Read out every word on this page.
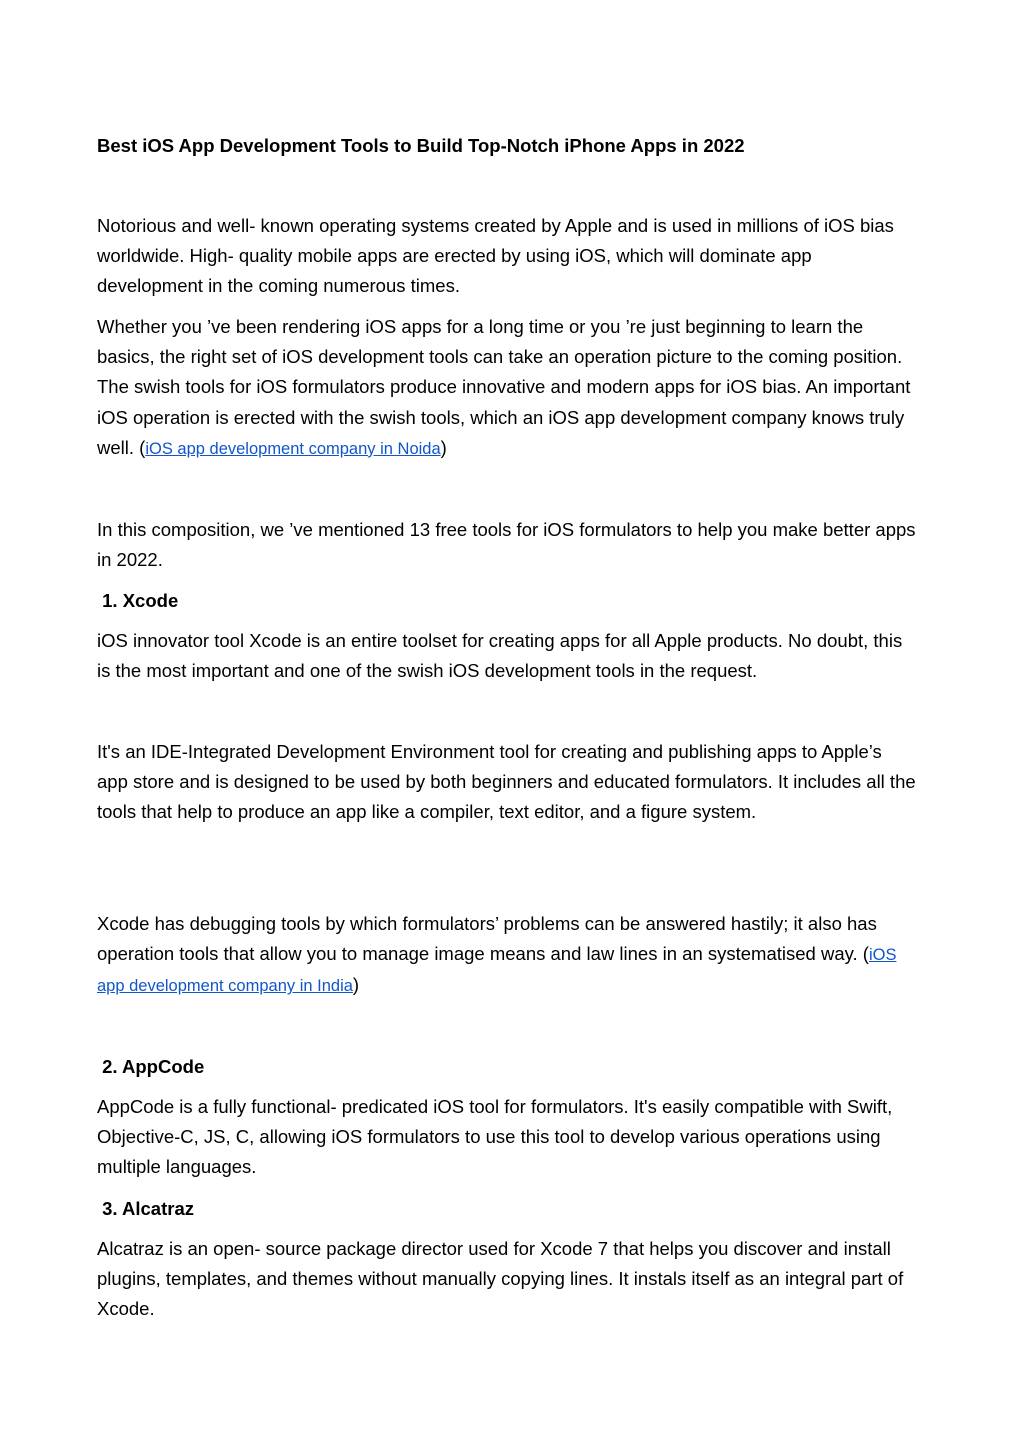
Best iOS App Development Tools to Build Top-Notch iPhone Apps in 2022

Notorious and well- known operating systems created by Apple and is used in millions of iOS bias worldwide. High- quality mobile apps are erected by using iOS, which will dominate app development in the coming numerous times.

Whether you ’ve been rendering iOS apps for a long time or you ’re just beginning to learn the basics, the right set of iOS development tools can take an operation picture to the coming position. The swish tools for iOS formulators produce innovative and modern apps for iOS bias. An important iOS operation is erected with the swish tools, which an iOS app development company knows truly well. (iOS app development company in Noida)

In this composition, we ’ve mentioned 13 free tools for iOS formulators to help you make better apps in 2022.

1. Xcode

iOS innovator tool Xcode is an entire toolset for creating apps for all Apple products. No doubt, this is the most important and one of the swish iOS development tools in the request.

It's an IDE-Integrated Development Environment tool for creating and publishing apps to Apple’s app store and is designed to be used by both beginners and educated formulators. It includes all the tools that help to produce an app like a compiler, text editor, and a figure system.

Xcode has debugging tools by which formulators’ problems can be answered hastily; it also has operation tools that allow you to manage image means and law lines in an systematised way. (iOS app development company in India)

2. AppCode

AppCode is a fully functional- predicated iOS tool for formulators. It's easily compatible with Swift, Objective-C, JS, C, allowing iOS formulators to use this tool to develop various operations using multiple languages.

3. Alcatraz

Alcatraz is an open- source package director used for Xcode 7 that helps you discover and install plugins, templates, and themes without manually copying lines. It instals itself as an integral part of Xcode.
